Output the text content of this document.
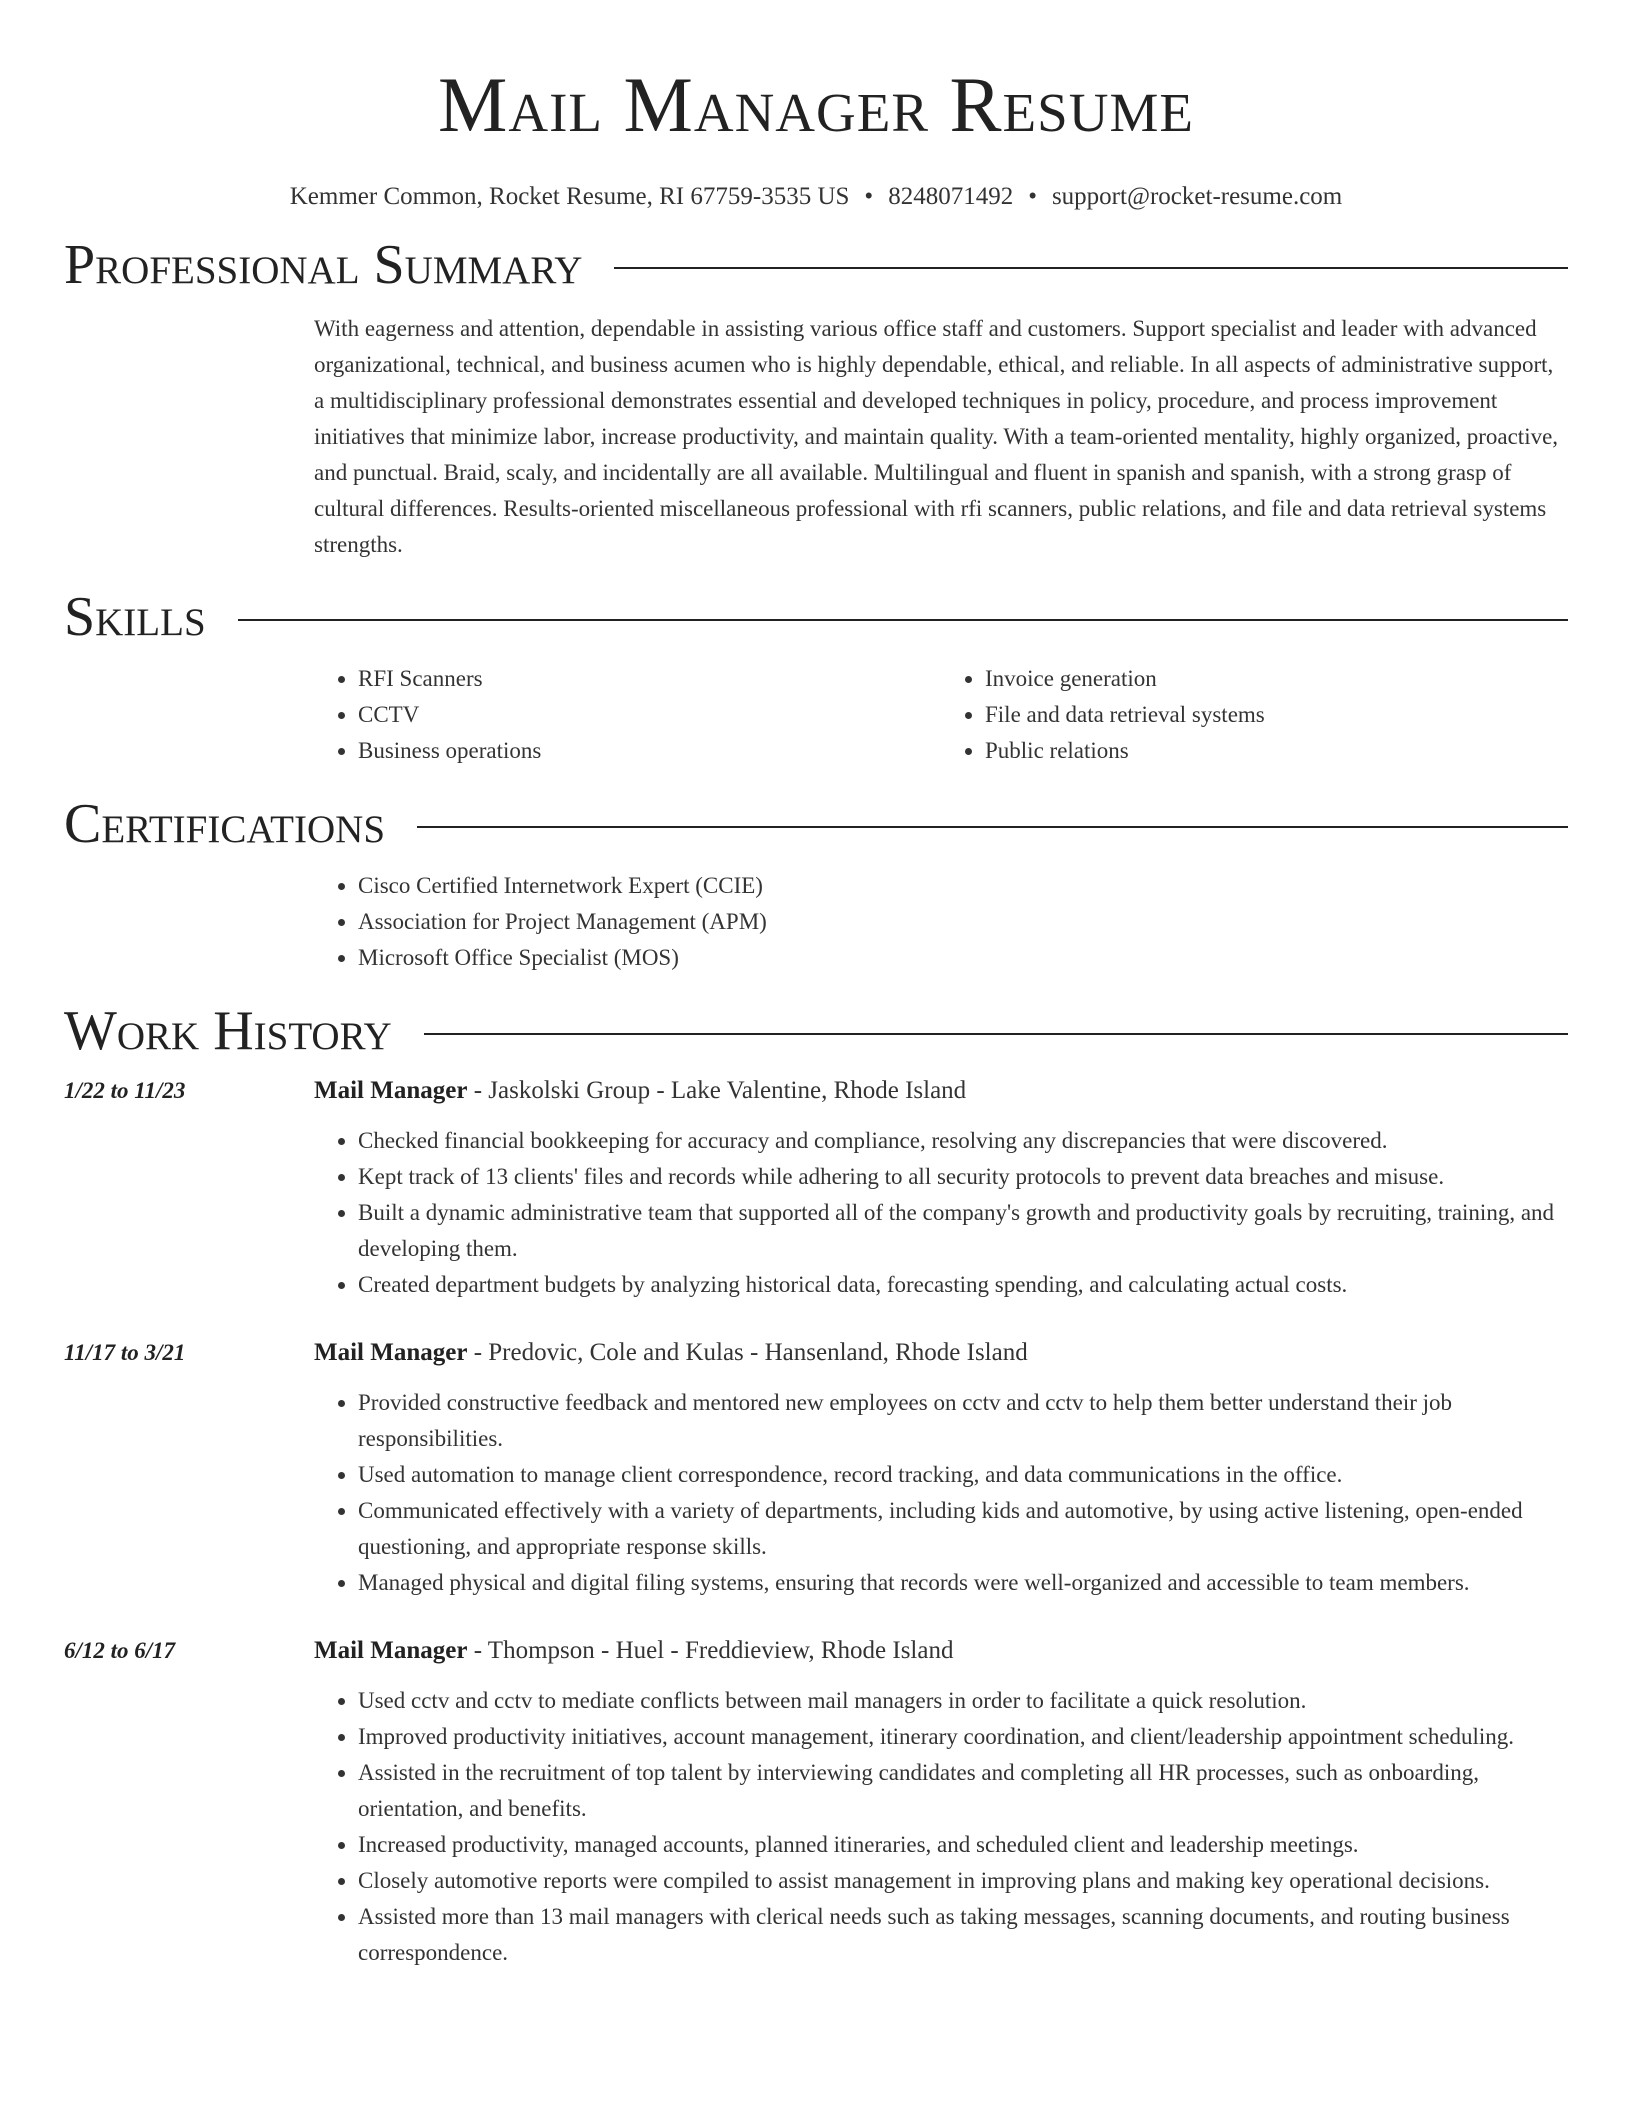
Mail Manager Resume
Kemmer Common, Rocket Resume, RI 67759-3535 US • 8248071492 • support@rocket-resume.com
Professional Summary

With eagerness and attention, dependable in assisting various office staff and customers. Support specialist and leader with advanced organizational, technical, and business acumen who is highly dependable, ethical, and reliable. In all aspects of administrative support, a multidisciplinary professional demonstrates essential and developed techniques in policy, procedure, and process improvement initiatives that minimize labor, increase productivity, and maintain quality. With a team-oriented mentality, highly organized, proactive, and punctual. Braid, scaly, and incidentally are all available. Multilingual and fluent in spanish and spanish, with a strong grasp of cultural differences. Results-oriented miscellaneous professional with rfi scanners, public relations, and file and data retrieval systems strengths.

Skills
• RFI Scanners
• CCTV
• Business operations
• Invoice generation
• File and data retrieval systems
• Public relations
Certifications
• Cisco Certified Internetwork Expert (CCIE)
• Association for Project Management (APM)
• Microsoft Office Specialist (MOS)
Work History
1/22 to 11/23	Mail Manager - Jaskolski Group - Lake Valentine, Rhode Island
• Checked financial bookkeeping for accuracy and compliance, resolving any discrepancies that were discovered.
• Kept track of 13 clients' files and records while adhering to all security protocols to prevent data breaches and misuse.
• Built a dynamic administrative team that supported all of the company's growth and productivity goals by recruiting, training, and developing them.
• Created department budgets by analyzing historical data, forecasting spending, and calculating actual costs.
11/17 to 3/21	Mail Manager - Predovic, Cole and Kulas - Hansenland, Rhode Island
• Provided constructive feedback and mentored new employees on cctv and cctv to help them better understand their job responsibilities.
• Used automation to manage client correspondence, record tracking, and data communications in the office.
• Communicated effectively with a variety of departments, including kids and automotive, by using active listening, open-ended questioning, and appropriate response skills.
• Managed physical and digital filing systems, ensuring that records were well-organized and accessible to team members.
6/12 to 6/17	Mail Manager - Thompson - Huel - Freddieview, Rhode Island
• Used cctv and cctv to mediate conflicts between mail managers in order to facilitate a quick resolution.
• Improved productivity initiatives, account management, itinerary coordination, and client/leadership appointment scheduling.
• Assisted in the recruitment of top talent by interviewing candidates and completing all HR processes, such as onboarding, orientation, and benefits.
• Increased productivity, managed accounts, planned itineraries, and scheduled client and leadership meetings.
• Closely automotive reports were compiled to assist management in improving plans and making key operational decisions.
• Assisted more than 13 mail managers with clerical needs such as taking messages, scanning documents, and routing business correspondence.
